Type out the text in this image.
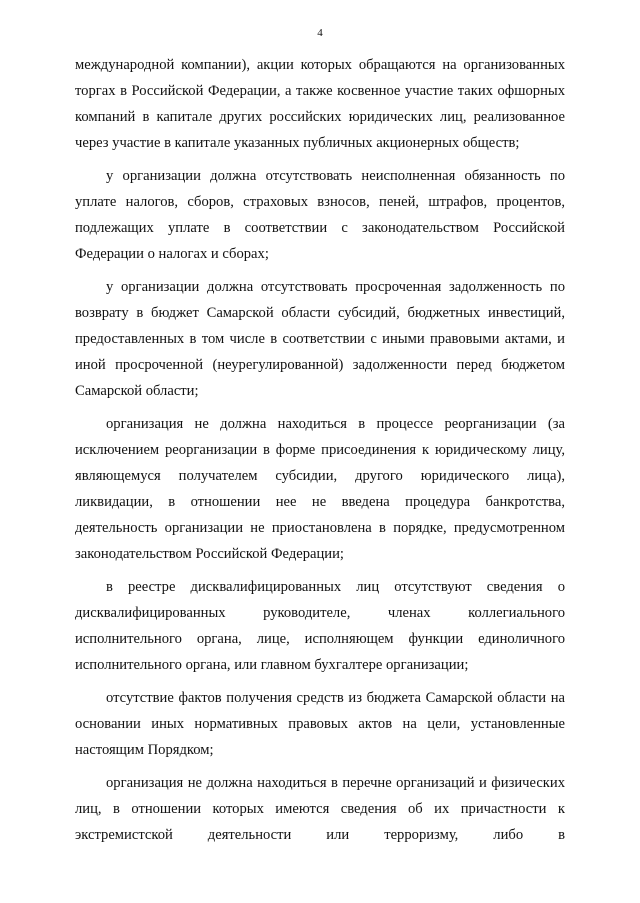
4

международной компании), акции которых обращаются на организованных торгах в Российской Федерации, а также косвенное участие таких офшорных компаний в капитале других российских юридических лиц, реализованное через участие в капитале указанных публичных акционерных обществ;

у организации должна отсутствовать неисполненная обязанность по уплате налогов, сборов, страховых взносов, пеней, штрафов, процентов, подлежащих уплате в соответствии с законодательством Российской Федерации о налогах и сборах;

у организации должна отсутствовать просроченная задолженность по возврату в бюджет Самарской области субсидий, бюджетных инвестиций, предоставленных в том числе в соответствии с иными правовыми актами, и иной просроченной (неурегулированной) задолженности перед бюджетом Самарской области;

организация не должна находиться в процессе реорганизации (за исключением реорганизации в форме присоединения к юридическому лицу, являющемуся получателем субсидии, другого юридического лица), ликвидации, в отношении нее не введена процедура банкротства, деятельность организации не приостановлена в порядке, предусмотренном законодательством Российской Федерации;

в реестре дисквалифицированных лиц отсутствуют сведения о дисквалифицированных руководителе, членах коллегиального исполнительного органа, лице, исполняющем функции единоличного исполнительного органа, или главном бухгалтере организации;

отсутствие фактов получения средств из бюджета Самарской области на основании иных нормативных правовых актов на цели, установленные настоящим Порядком;

организация не должна находиться в перечне организаций и физических лиц, в отношении которых имеются сведения об их причастности к экстремистской деятельности или терроризму, либо в
